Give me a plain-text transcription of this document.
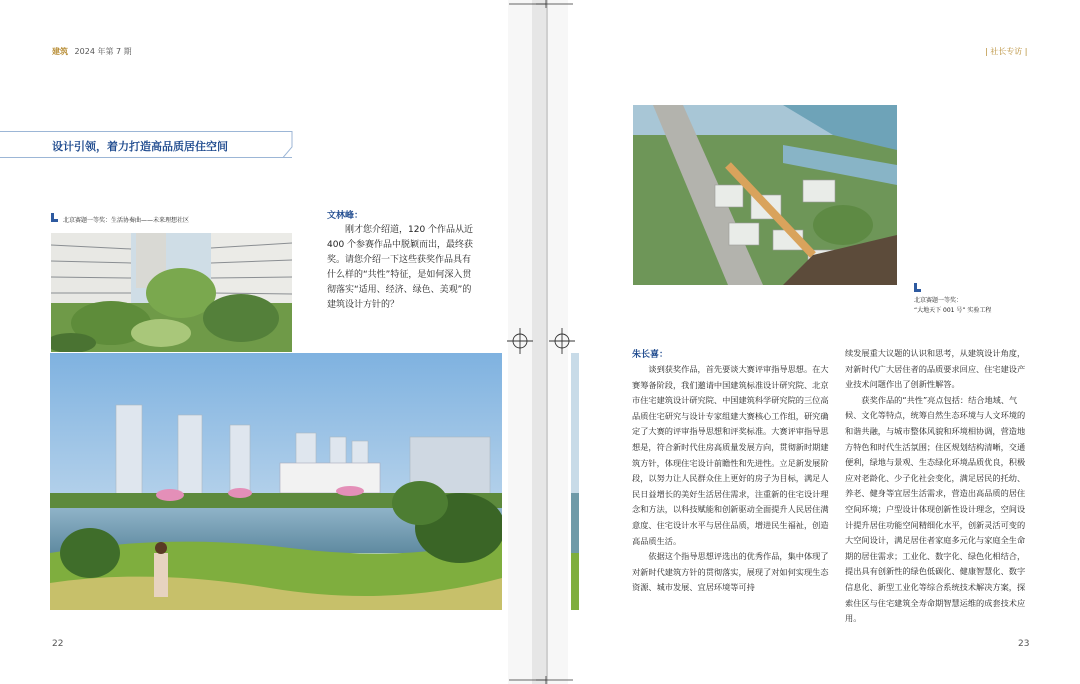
建筑 2024 年第 7 期	| 社长专访 |
设计引领，着力打造高品质居住空间
北京赛题一等奖：生活协奏曲——未来理想社区
北京赛题一等奖：
“大地天下 001 号” 实验工程
文林峰：

刚才您介绍道，120 个作品从近 400 个参赛作品中脱颖而出，最终获奖。请您介绍一下这些获奖作品具有什么样的“共性”特征，是如何深入贯彻落实“适用、经济、绿色、美观”的建筑设计方针的？

朱长喜：

谈到获奖作品，首先要谈大赛评审指导思想。在大赛筹备阶段，我们邀请中国建筑标准设计研究院、北京市住宅建筑设计研究院、中国建筑科学研究院的三位高品质住宅研究与设计专家组建大赛核心工作组，研究确定了大赛的评审指导思想和评奖标准。大赛评审指导思想是，符合新时代住房高质量发展方向，贯彻新时期建筑方针，体现住宅设计前瞻性和先进性。立足新发展阶段，以努力让人民群众住上更好的房子为目标，满足人民日益增长的美好生活居住需求，注重新的住宅设计理念和方法，以科技赋能和创新驱动全面提升人民居住满意度、住宅设计水平与居住品质，增进民生福祉，创造高品质生活。

依据这个指导思想评选出的优秀作品，集中体现了对新时代建筑方针的贯彻落实，展现了对如何实现生态资源、城市发展、宜居环境等可持

续发展重大议题的认识和思考，从建筑设计角度，对新时代广大居住者的品质要求回应、住宅建设产业技术问题作出了创新性解答。

获奖作品的“共性”亮点包括：结合地域、气候、文化等特点，统筹自然生态环境与人文环境的和谐共融，与城市整体风貌和环境相协调，营造地方特色和时代生活氛围；住区规划结构清晰，交通便利，绿地与景观、生态绿化环境品质优良，积极应对老龄化、少子化社会变化，满足居民的托幼、养老、健身等宜居生活需求，营造出高品质的居住空间环境；户型设计体现创新性设计理念，空间设计提升居住功能空间精细化水平，创新灵活可变的大空间设计，满足居住者家庭多元化与家庭全生命期的居住需求；工业化、数字化、绿色化相结合，提出具有创新性的绿色低碳化、健康智慧化、数字信息化、新型工业化等综合系统技术解决方案，探索住区与住宅建筑全寿命期智慧运维的成套技术应用。

22	23
